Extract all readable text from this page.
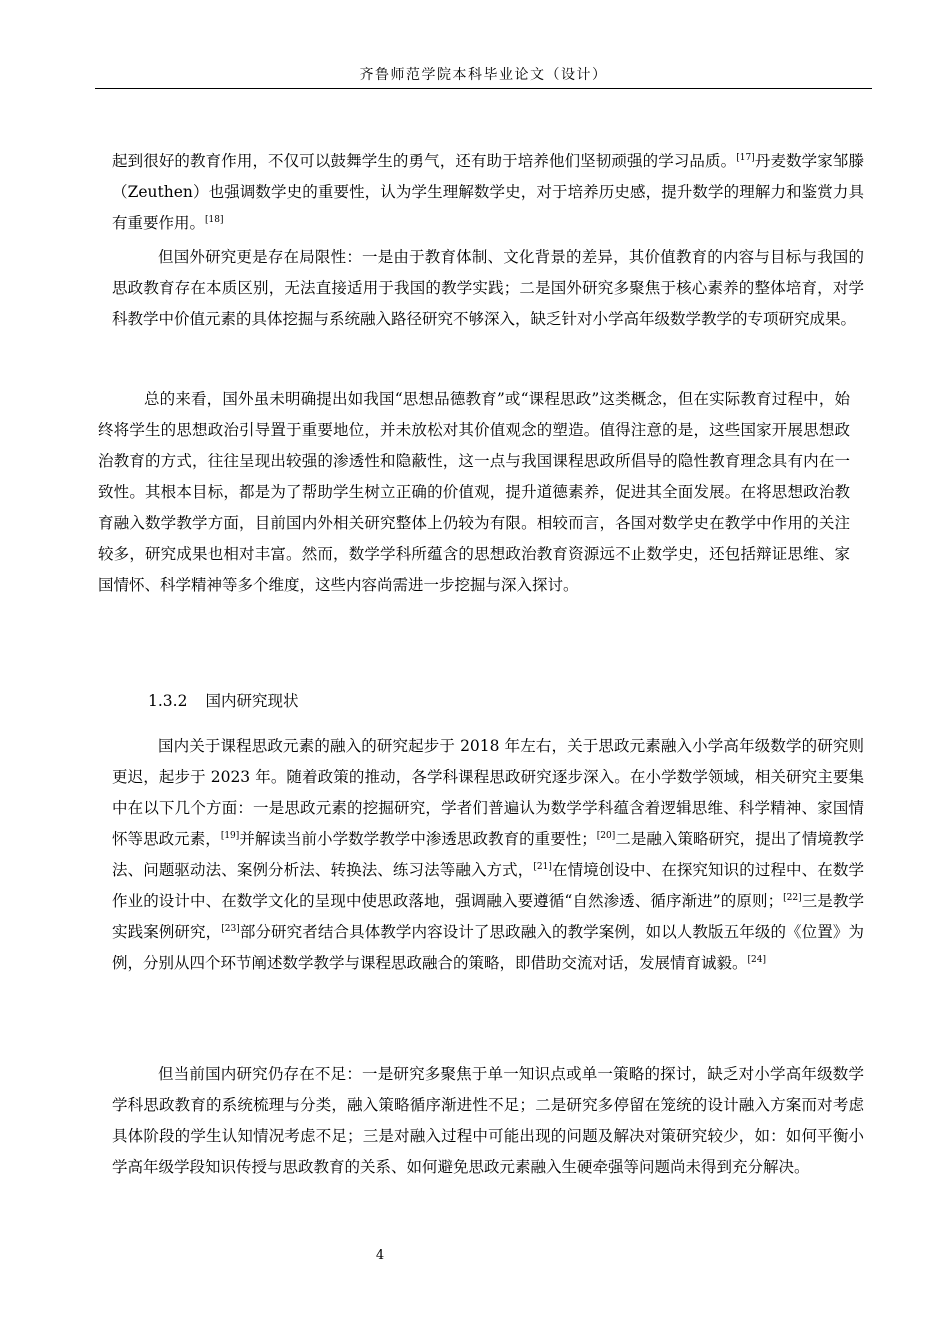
齐鲁师范学院本科毕业论文（设计）

起到很好的教育作用，不仅可以鼓舞学生的勇气，还有助于培养他们坚韧顽强的学习品质。[17]丹麦数学家邹滕（Zeuthen）也强调数学史的重要性，认为学生理解数学史，对于培养历史感，提升数学的理解力和鉴赏力具有重要作用。[18]

但国外研究更是存在局限性：一是由于教育体制、文化背景的差异，其价值教育的内容与目标与我国的思政教育存在本质区别，无法直接适用于我国的教学实践；二是国外研究多聚焦于核心素养的整体培育，对学科教学中价值元素的具体挖掘与系统融入路径研究不够深入，缺乏针对小学高年级数学教学的专项研究成果。

总的来看，国外虽未明确提出如我国“思想品德教育”或“课程思政”这类概念，但在实际教育过程中，始终将学生的思想政治引导置于重要地位，并未放松对其价值观念的塑造。值得注意的是，这些国家开展思想政治教育的方式，往往呈现出较强的渗透性和隐蔽性，这一点与我国课程思政所倡导的隐性教育理念具有内在一致性。其根本目标，都是为了帮助学生树立正确的价值观，提升道德素养，促进其全面发展。在将思想政治教育融入数学教学方面，目前国内外相关研究整体上仍较为有限。相较而言，各国对数学史在教学中作用的关注较多，研究成果也相对丰富。然而，数学学科所蕴含的思想政治教育资源远不止数学史，还包括辩证思维、家国情怀、科学精神等多个维度，这些内容尚需进一步挖掘与深入探讨。

1.3.2 国内研究现状

国内关于课程思政元素的融入的研究起步于 2018 年左右，关于思政元素融入小学高年级数学的研究则更迟，起步于 2023 年。随着政策的推动，各学科课程思政研究逐步深入。在小学数学领域，相关研究主要集中在以下几个方面：一是思政元素的挖掘研究，学者们普遍认为数学学科蕴含着逻辑思维、科学精神、家国情怀等思政元素，[19]并解读当前小学数学教学中渗透思政教育的重要性；[20]二是融入策略研究，提出了情境教学法、问题驱动法、案例分析法、转换法、练习法等融入方式，[21]在情境创设中、在探究知识的过程中、在数学作业的设计中、在数学文化的呈现中使思政落地，强调融入要遵循“自然渗透、循序渐进”的原则；[22]三是教学实践案例研究，[23]部分研究者结合具体教学内容设计了思政融入的教学案例，如以人教版五年级的《位置》为例，分别从四个环节阐述数学教学与课程思政融合的策略，即借助交流对话，发展情育诚毅。[24]

但当前国内研究仍存在不足：一是研究多聚焦于单一知识点或单一策略的探讨，缺乏对小学高年级数学学科思政教育的系统梳理与分类，融入策略循序渐进性不足；二是研究多停留在笼统的设计融入方案而对考虑具体阶段的学生认知情况考虑不足；三是对融入过程中可能出现的问题及解决对策研究较少，如：如何平衡小学高年级学段知识传授与思政教育的关系、如何避免思政元素融入生硬牵强等问题尚未得到充分解决。

4
